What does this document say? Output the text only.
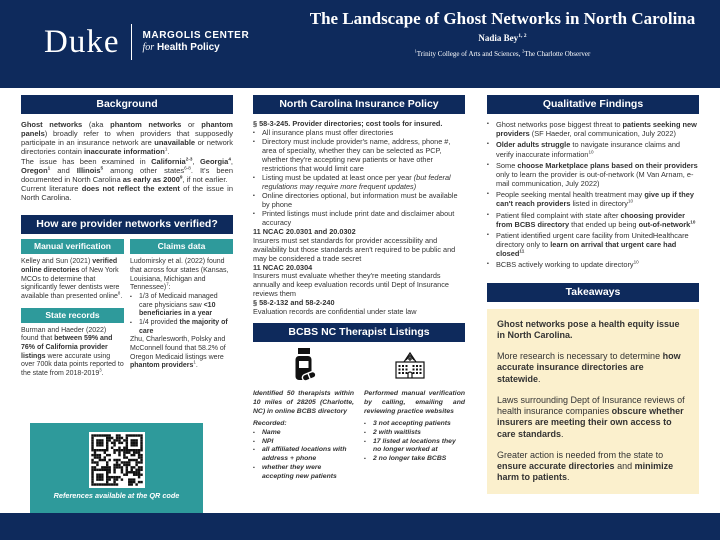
Duke MARGOLIS CENTER
for Health Policy
The Landscape of Ghost Networks in North Carolina
Nadia Bey$^{1, 2}$
$^1$Trinity College of Arts and Sciences, $^2$The Charlotte Observer
Background
Ghost networks (aka phantom networks or phantom panels) broadly refer to when providers that supposedly participate in an insurance network are unavailable or network directories contain inaccurate information$^1$.
The issue has been examined in California$^{2-3}$, Georgia$^4$, Oregon$^1$ and Illinois$^5$ among other states$^{6-8}$. It's been documented in North Carolina as early as 2000$^9$, if not earlier.
Current literature does not reflect the extent of the issue in North Carolina.
How are provider networks verified?
Manual verification
Kelley and Sun (2021) verified online directories of New York MCOs to determine that significantly fewer dentists were available than presented online$^8$.
State records
Burman and Haeder (2022) found that between 59% and 76% of California provider listings were accurate using over 700k data points reported to the state from 2018-2019$^3$.
Claims data
Ludomirsky et al. (2022) found that across four states (Kansas, Louisiana, Michigan and Tennessee)$^7$:
▪	1/3 of Medicaid managed care physicians saw <10 beneficiaries in a year
▪	1/4 provided the majority of care
Zhu, Charlesworth, Polsky and McConnell found that 58.2% of Oregon Medicaid listings were phantom providers$^1$.
References available at the QR code
North Carolina Insurance Policy
§ 58-3-245. Provider directories; cost tools for insured.
▪ All insurance plans must offer directories
▪ Directory must include provider's name, address, phone #, area of specialty, whether they can be selected as PCP, whether they're accepting new patients or have other restrictions that would limit care
▪ Listing must be updated at least once per year (but federal regulations may require more frequent updates)
▪ Online directories optional, but information must be available by phone
▪ Printed listings must include print date and disclaimer about accuracy
11 NCAC 20.0301 and 20.0302
Insurers must set standards for provider accessibility and availability but those standards aren't required to be public and may be considered a trade secret
11 NCAC 20.0304
Insurers must evaluate whether they're meeting standards annually and keep evaluation records until Dept of Insurance reviews them
§ 58-2-132 and 58-2-240
Evaluation records are confidential under state law
BCBS NC Therapist Listings
Identified 50 therapists within 10 miles of 28205 (Charlotte, NC) in online BCBS directory
Recorded:
▪	Name
▪	NPI
▪	all affiliated locations with address + phone
▪	whether they were accepting new patients
Performed manual verification by calling, emailing and reviewing practice websites
▪	3 not accepting patients
▪	2 with waitlists
▪	17 listed at locations they no longer worked at
▪	2 no longer take BCBS
Qualitative Findings
▪ Ghost networks pose biggest threat to patients seeking new providers (SF Haeder, oral communication, July 2022)
▪ Older adults struggle to navigate insurance claims and verify inaccurate information$^{10}$
▪ Some choose Marketplace plans based on their providers only to learn the provider is out-of-network (M Van Arnam, e-mail communication, July 2022)
▪ People seeking mental health treatment may give up if they can't reach providers listed in directory$^{10}$
▪ Patient filed complaint with state after choosing provider from BCBS directory that ended up being out-of-network$^{10}$
▪ Patient identified urgent care facility from UnitedHealthcare directory only to learn on arrival that urgent care had closed$^{11}$
▪ BCBS actively working to update directory$^{10}$
Takeaways
Ghost networks pose a health equity issue in North Carolina.
More research is necessary to determine how accurate insurance directories are statewide.
Laws surrounding Dept of Insurance reviews of health insurance companies obscure whether insurers are meeting their own access to care standards.
Greater action is needed from the state to ensure accurate directories and minimize harm to patients.
